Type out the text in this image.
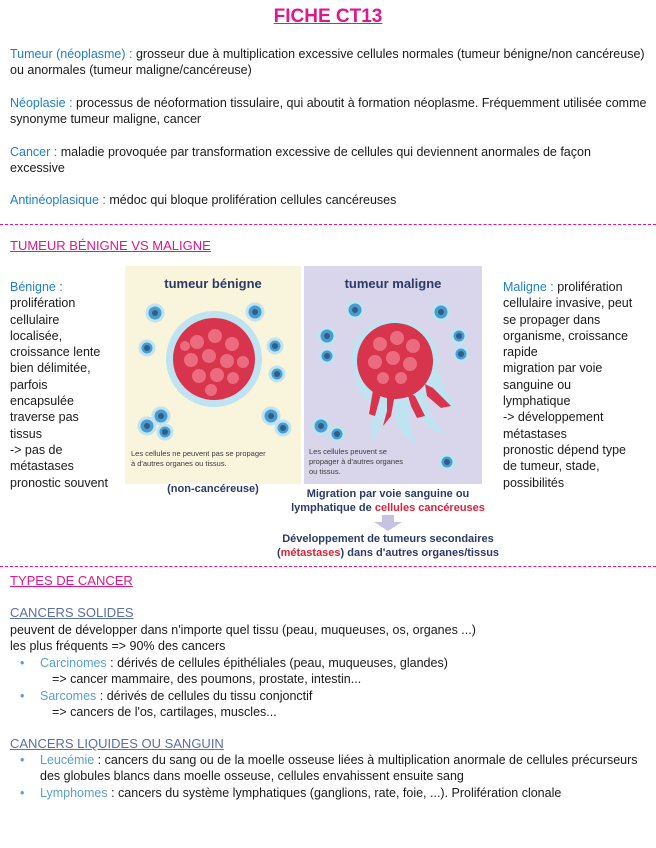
FICHE CT13
Tumeur (néoplasme) : grosseur due à multiplication excessive cellules normales (tumeur bénigne/non cancéreuse) ou anormales (tumeur maligne/cancéreuse)
Néoplasie : processus de néoformation tissulaire, qui aboutit à formation néoplasme. Fréquemment utilisée comme synonyme tumeur maligne, cancer
Cancer : maladie provoquée par transformation excessive de cellules qui deviennent anormales de façon excessive
Antinéoplasique : médoc qui bloque prolifération cellules cancéreuses
TUMEUR BÉNIGNE VS MALIGNE
Bénigne :
prolifération
cellulaire
localisée,
croissance lente
bien délimitée,
parfois
encapsulée
traverse pas
tissus
-> pas de
métastases
pronostic souvent
Maligne : prolifération
cellulaire invasive, peut
se propager dans
organisme, croissance
rapide
migration par voie
sanguine ou
lymphatique
-> développement
métastases
pronostic dépend type
de tumeur, stade,
possibilités
tumeur bénigne	tumeur maligne
Les cellules ne peuvent pas se propager
à d'autres organes ou tissus.
Les cellules peuvent se
propager à d'autres organes
ou tissus.
(non-cancéreuse)	Migration par voie sanguine ou
lymphatique de cellules cancéreuses
Développement de tumeurs secondaires
(métastases) dans d'autres organes/tissus
TYPES DE CANCER
CANCERS SOLIDES
peuvent de développer dans n'importe quel tissu (peau, muqueuses, os, organes ...)
les plus fréquents => 90% des cancers
• Carcinomes : dérivés de cellules épithéliales (peau, muqueuses, glandes)
=> cancer mammaire, des poumons, prostate, intestin...
• Sarcomes : dérivés de cellules du tissu conjonctif
=> cancers de l'os, cartilages, muscles...
CANCERS LIQUIDES OU SANGUIN
• Leucémie : cancers du sang ou de la moelle osseuse liées à multiplication anormale de cellules précurseurs des globules blancs dans moelle osseuse, cellules envahissent ensuite sang
• Lymphomes : cancers du système lymphatiques (ganglions, rate, foie, ...). Prolifération clonale
